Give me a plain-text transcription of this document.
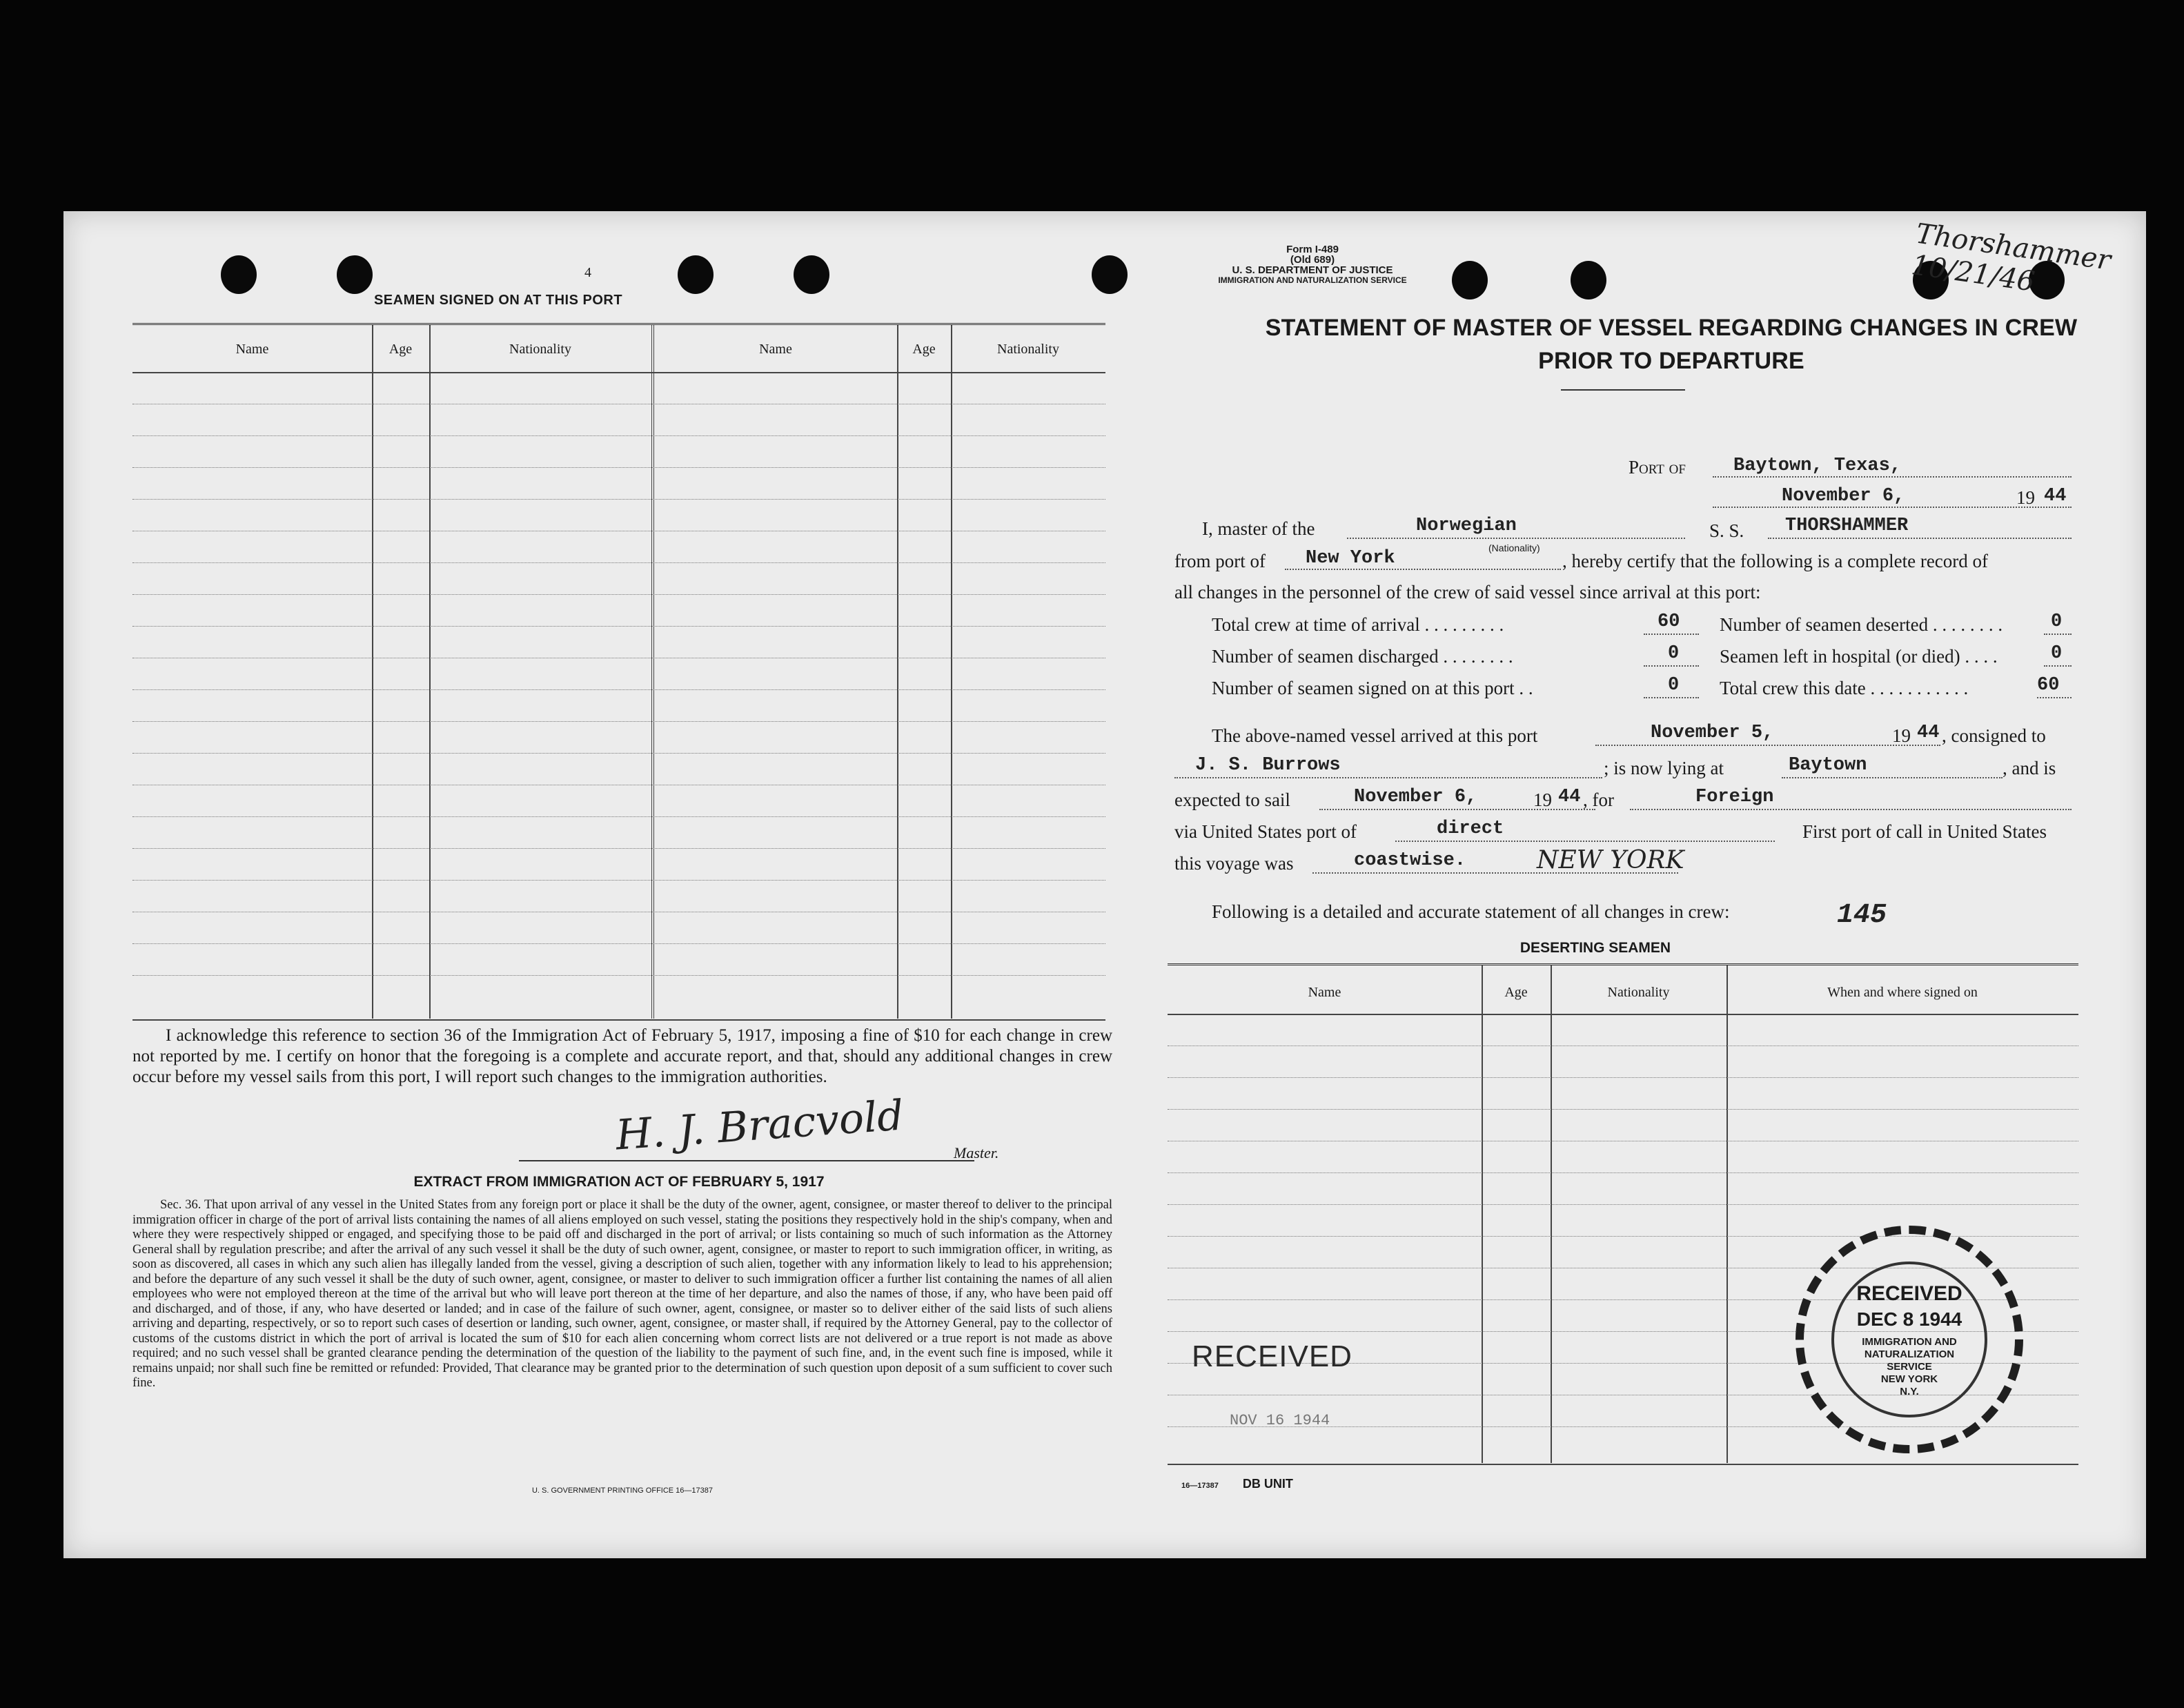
4
SEAMEN SIGNED ON AT THIS PORT
Name	Age	Nationality	Name	Age	Nationality
I acknowledge this reference to section 36 of the Immigration Act of February 5, 1917, imposing a fine of $10 for each change in crew not reported by me. I certify on honor that the foregoing is a complete and accurate report, and that, should any additional changes in crew occur before my vessel sails from this port, I will report such changes to the immigration authorities.
H. J. Bracvold	Master.
EXTRACT FROM IMMIGRATION ACT OF FEBRUARY 5, 1917
Sec. 36. That upon arrival of any vessel in the United States from any foreign port or place it shall be the duty of the owner, agent, consignee, or master thereof to deliver to the principal immigration officer in charge of the port of arrival lists containing the names of all aliens employed on such vessel, stating the positions they respectively hold in the ship's company, when and where they were respectively shipped or engaged, and specifying those to be paid off and discharged in the port of arrival; or lists containing so much of such information as the Attorney General shall by regulation prescribe; and after the arrival of any such vessel it shall be the duty of such owner, agent, consignee, or master to report to such immigration officer, in writing, as soon as discovered, all cases in which any such alien has illegally landed from the vessel, giving a description of such alien, together with any information likely to lead to his apprehension; and before the departure of any such vessel it shall be the duty of such owner, agent, consignee, or master to deliver to such immigration officer a further list containing the names of all alien employees who were not employed thereon at the time of the arrival but who will leave port thereon at the time of her departure, and also the names of those, if any, who have been paid off and discharged, and of those, if any, who have deserted or landed; and in case of the failure of such owner, agent, consignee, or master so to deliver either of the said lists of such aliens arriving and departing, respectively, or so to report such cases of desertion or landing, such owner, agent, consignee, or master shall, if required by the Attorney General, pay to the collector of customs of the customs district in which the port of arrival is located the sum of $10 for each alien concerning whom correct lists are not delivered or a true report is not made as above required; and no such vessel shall be granted clearance pending the determination of the question of the liability to the payment of such fine, and, in the event such fine is imposed, while it remains unpaid; nor shall such fine be remitted or refunded: Provided, That clearance may be granted prior to the determination of such question upon deposit of a sum sufficient to cover such fine.
U. S. GOVERNMENT PRINTING OFFICE 16—17387
Form I-489
(Old 689)
U. S. DEPARTMENT OF JUSTICE
IMMIGRATION AND NATURALIZATION SERVICE
Thorshammer 10/21/46
STATEMENT OF MASTER OF VESSEL REGARDING CHANGES IN CREW
PRIOR TO DEPARTURE
Port of	Baytown, Texas,
November 6,	19 44
I, master of the	Norwegian
(Nationality)
S. S. THORSHAMMER
from port of New York	, hereby certify that the following is a complete record of
all changes in the personnel of the crew of said vessel since arrival at this port:
Total crew at time of arrival . . . . . . . . .	60 Number of seamen deserted . . . . . . . .	0
Number of seamen discharged . . . . . . . .	0 Seamen left in hospital (or died) . . . .	0
Number of seamen signed on at this port . .	0 Total crew this date . . . . . . . . . . .	60
The above-named vessel arrived at this port	November 5,	19 44 , consigned to
J. S. Burrows	; is now lying at	Baytown	, and is
expected to sail	November 6,	19 44 , for	Foreign
via United States port of	direct	First port of call in United States
this voyage was	coastwise.	NEW YORK
Following is a detailed and accurate statement of all changes in crew:	145
DESERTING SEAMEN
Name	Age	Nationality	When and where signed on
RECEIVED
NOV 16 1944
RECEIVED
DEC 8 1944
IMMIGRATION AND
NATURALIZATION
SERVICE
NEW YORK
N.Y.
16—17387 DB UNIT
